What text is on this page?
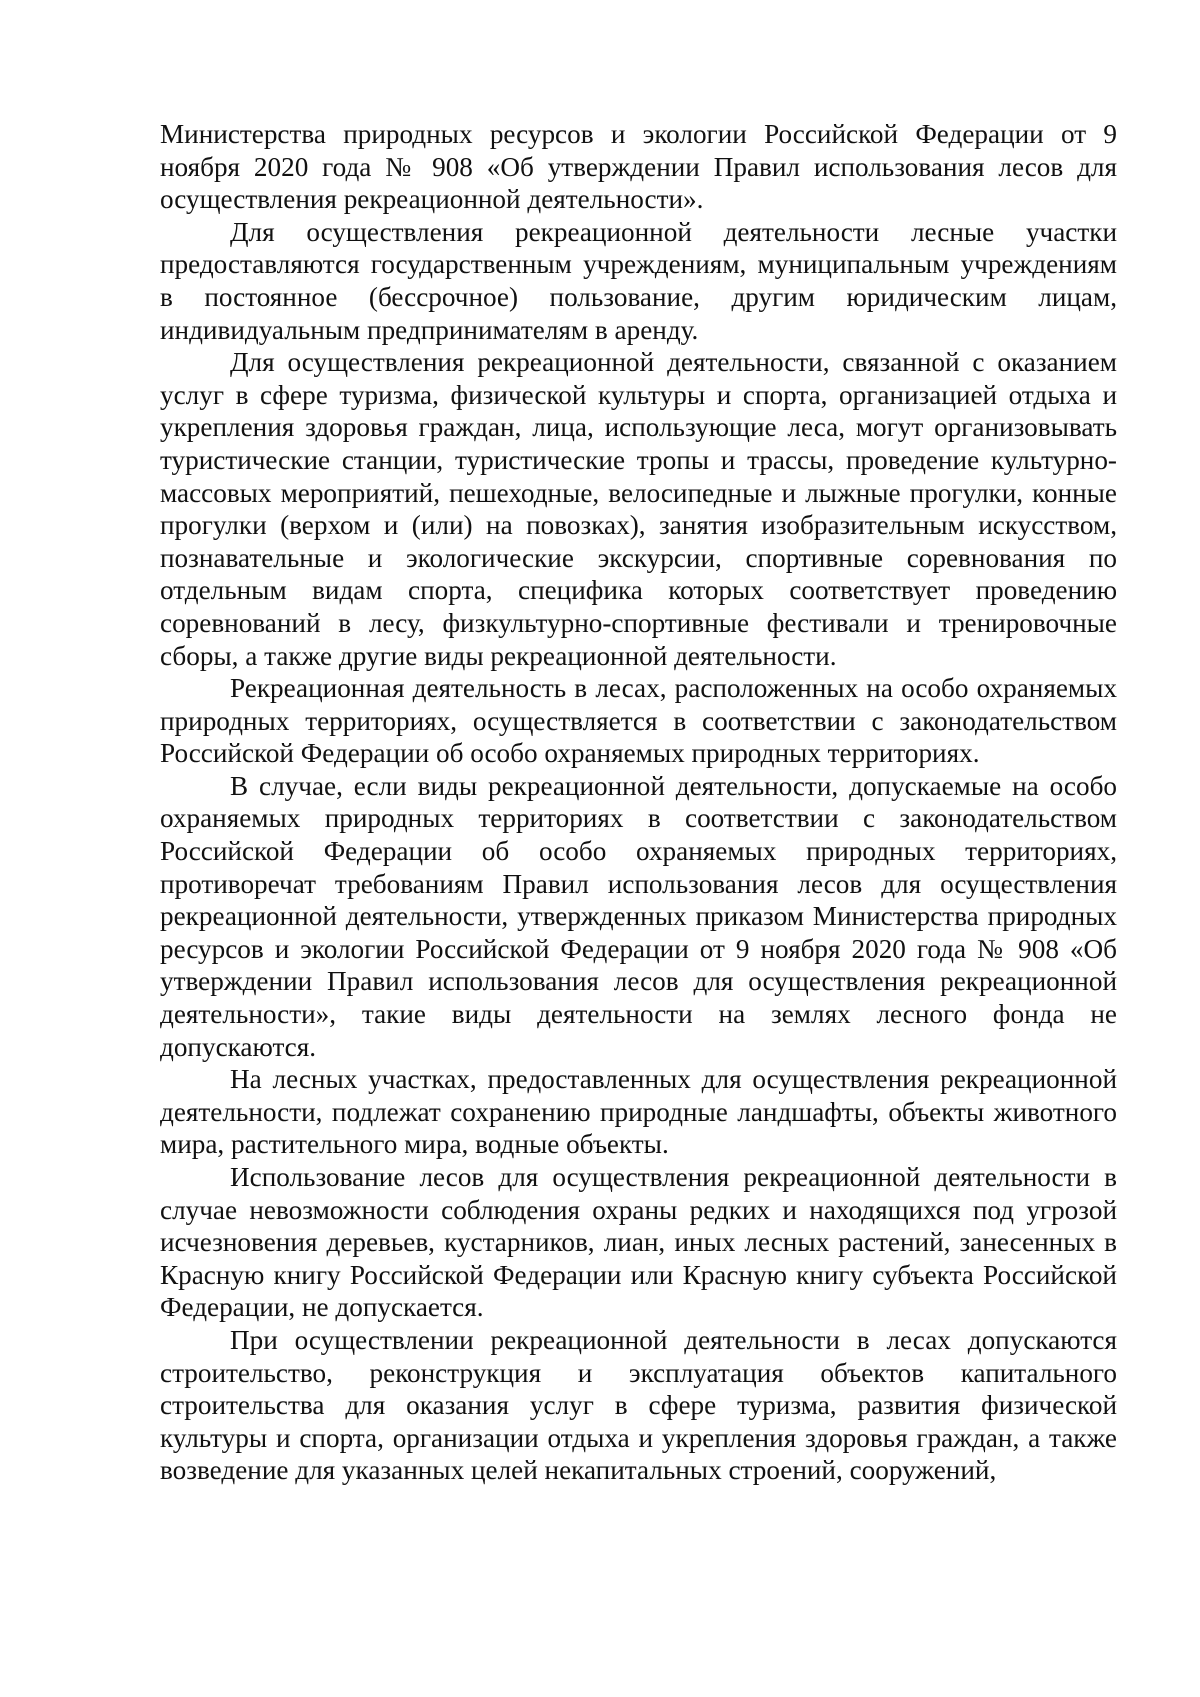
Министерства природных ресурсов и экологии Российской Федерации от 9 ноября 2020 года № 908 «Об утверждении Правил использования лесов для осуществления рекреационной деятельности».

Для осуществления рекреационной деятельности лесные участки предоставляются государственным учреждениям, муниципальным учреждениям в постоянное (бессрочное) пользование, другим юридическим лицам, индивидуальным предпринимателям в аренду.

Для осуществления рекреационной деятельности, связанной с оказанием услуг в сфере туризма, физической культуры и спорта, организацией отдыха и укрепления здоровья граждан, лица, использующие леса, могут организовывать туристические станции, туристические тропы и трассы, проведение культурно-массовых мероприятий, пешеходные, велосипедные и лыжные прогулки, конные прогулки (верхом и (или) на повозках), занятия изобразительным искусством, познавательные и экологические экскурсии, спортивные соревнования по отдельным видам спорта, специфика которых соответствует проведению соревнований в лесу, физкультурно-спортивные фестивали и тренировочные сборы, а также другие виды рекреационной деятельности.

Рекреационная деятельность в лесах, расположенных на особо охраняемых природных территориях, осуществляется в соответствии с законодательством Российской Федерации об особо охраняемых природных территориях.

В случае, если виды рекреационной деятельности, допускаемые на особо охраняемых природных территориях в соответствии с законодательством Российской Федерации об особо охраняемых природных территориях, противоречат требованиям Правил использования лесов для осуществления рекреационной деятельности, утвержденных приказом Министерства природных ресурсов и экологии Российской Федерации от 9 ноября 2020 года № 908 «Об утверждении Правил использования лесов для осуществления рекреационной деятельности», такие виды деятельности на землях лесного фонда не допускаются.

На лесных участках, предоставленных для осуществления рекреационной деятельности, подлежат сохранению природные ландшафты, объекты животного мира, растительного мира, водные объекты.

Использование лесов для осуществления рекреационной деятельности в случае невозможности соблюдения охраны редких и находящихся под угрозой исчезновения деревьев, кустарников, лиан, иных лесных растений, занесенных в Красную книгу Российской Федерации или Красную книгу субъекта Российской Федерации, не допускается.

При осуществлении рекреационной деятельности в лесах допускаются строительство, реконструкция и эксплуатация объектов капитального строительства для оказания услуг в сфере туризма, развития физической культуры и спорта, организации отдыха и укрепления здоровья граждан, а также возведение для указанных целей некапитальных строений, сооружений,
